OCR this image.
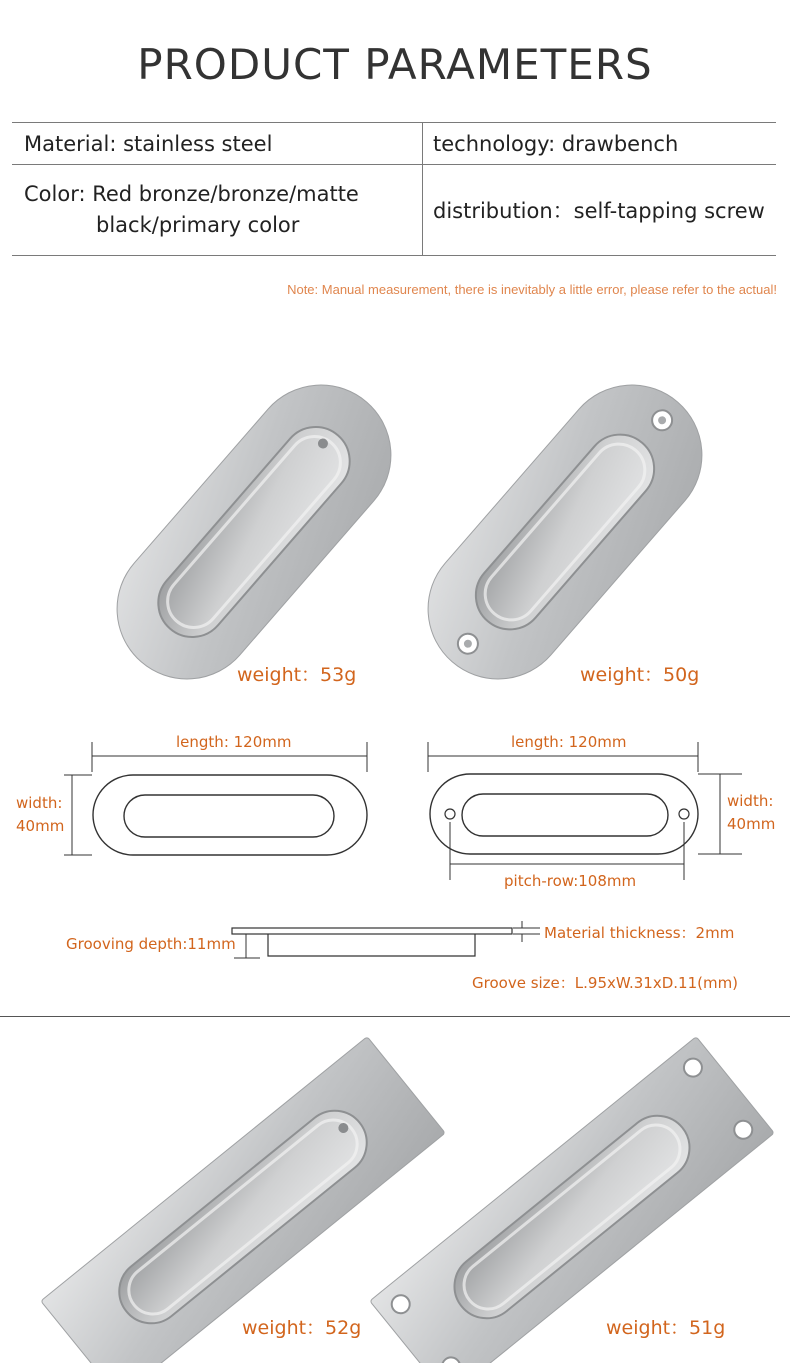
PRODUCT PARAMETERS
Material: stainless steel	technology: drawbench
Color: Red bronze/bronze/matte
black/primary color	distribution：self-tapping screw
Note: Manual measurement, there is inevitably a little error, please refer to the actual!
weight：53g	weight：50g
length: 120mm	length: 120mm
width:
40mm
width:
40mm
pitch-row:108mm
Grooving depth:11mm
Material thickness：2mm
Groove size：L.95xW.31xD.11(mm)
weight：52g	weight：51g
